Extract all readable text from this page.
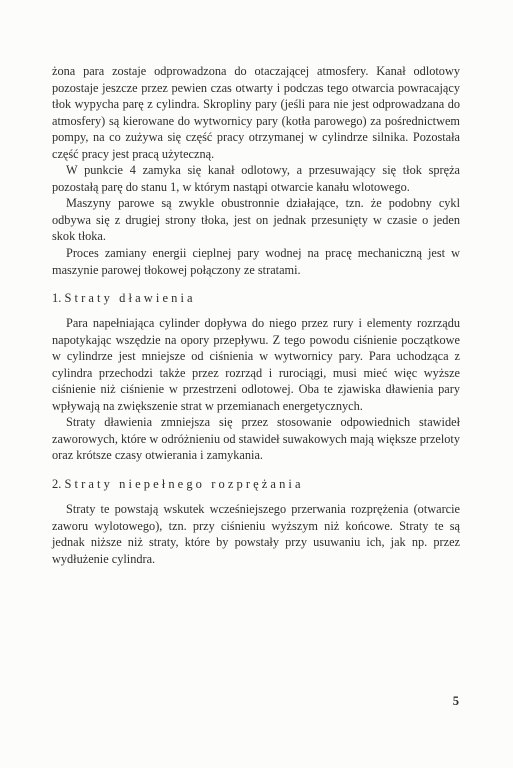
żona para zostaje odprowadzona do otaczającej atmosfery. Kanał odlotowy pozostaje jeszcze przez pewien czas otwarty i podczas tego otwarcia powracający tłok wypycha parę z cylindra. Skropliny pary (jeśli para nie jest odprowadzana do atmosfery) są kierowane do wytwornicy pary (kotła parowego) za pośrednictwem pompy, na co zużywa się część pracy otrzymanej w cylindrze silnika. Pozostała część pracy jest pracą użyteczną.

W punkcie 4 zamyka się kanał odlotowy, a przesuwający się tłok spręża pozostałą parę do stanu 1, w którym nastąpi otwarcie kanału wlotowego.

Maszyny parowe są zwykle obustronnie działające, tzn. że podobny cykl odbywa się z drugiej strony tłoka, jest on jednak przesunięty w czasie o jeden skok tłoka.

Proces zamiany energii cieplnej pary wodnej na pracę mechaniczną jest w maszynie parowej tłokowej połączony ze stratami.

1. Straty dławienia

Para napełniająca cylinder dopływa do niego przez rury i elementy rozrządu napotykając wszędzie na opory przepływu. Z tego powodu ciśnienie początkowe w cylindrze jest mniejsze od ciśnienia w wytwornicy pary. Para uchodząca z cylindra przechodzi także przez rozrząd i rurociągi, musi mieć więc wyższe ciśnienie niż ciśnienie w przestrzeni odlotowej. Oba te zjawiska dławienia pary wpływają na zwiększenie strat w przemianach energetycznych.

Straty dławienia zmniejsza się przez stosowanie odpowiednich stawideł zaworowych, które w odróżnieniu od stawideł suwakowych mają większe przeloty oraz krótsze czasy otwierania i zamykania.

2. Straty niepełnego rozprężania

Straty te powstają wskutek wcześniejszego przerwania rozprężenia (otwarcie zaworu wylotowego), tzn. przy ciśnieniu wyższym niż końcowe. Straty te są jednak niższe niż straty, które by powstały przy usuwaniu ich, jak np. przez wydłużenie cylindra.

5
